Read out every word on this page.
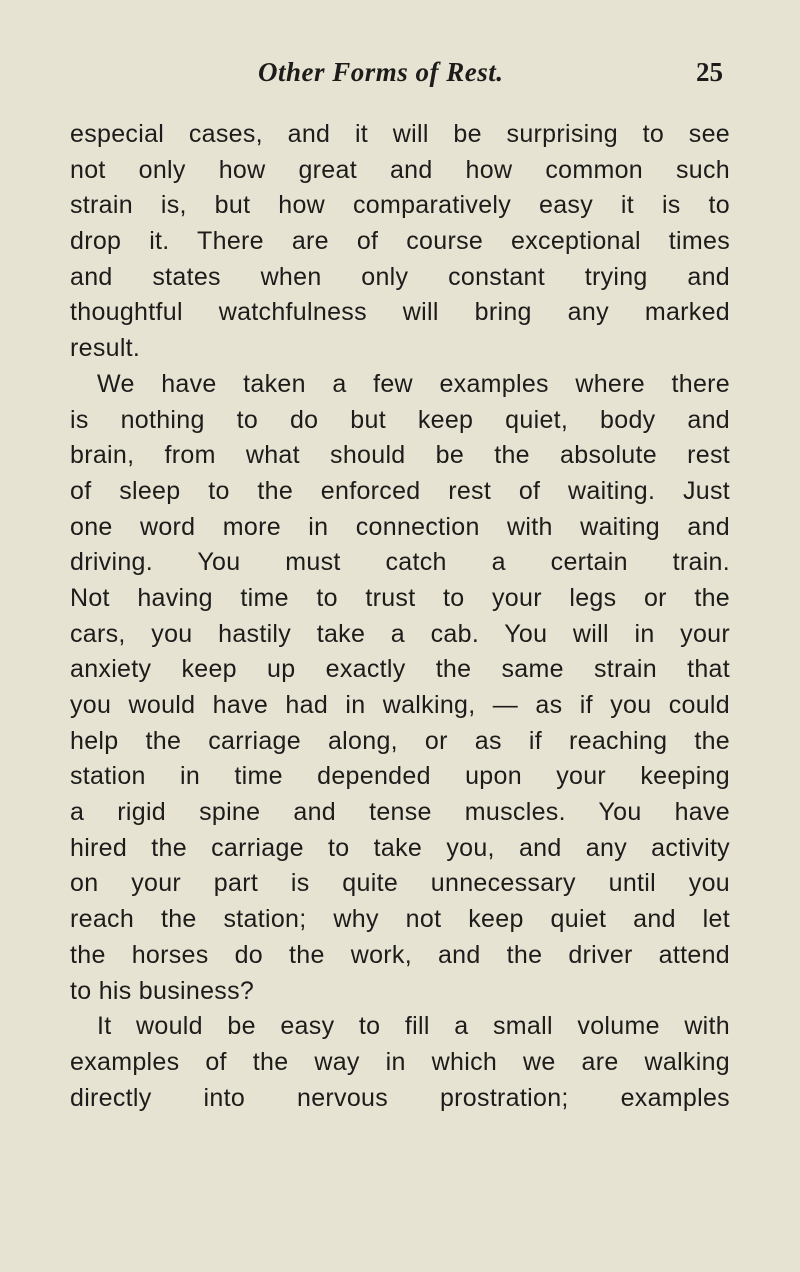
Other Forms of Rest.	25
especial cases, and it will be surprising to see
not only how great and how common such
strain is, but how comparatively easy it is to
drop it. There are of course exceptional times
and states when only constant trying and
thoughtful watchfulness will bring any marked
result.
We have taken a few examples where there
is nothing to do but keep quiet, body and
brain, from what should be the absolute rest
of sleep to the enforced rest of waiting. Just
one word more in connection with waiting and
driving. You must catch a certain train.
Not having time to trust to your legs or the
cars, you hastily take a cab. You will in your
anxiety keep up exactly the same strain that
you would have had in walking, — as if you could
help the carriage along, or as if reaching the
station in time depended upon your keeping
a rigid spine and tense muscles. You have
hired the carriage to take you, and any activity
on your part is quite unnecessary until you
reach the station; why not keep quiet and let
the horses do the work, and the driver attend
to his business?
It would be easy to fill a small volume with
examples of the way in which we are walking
directly into nervous prostration; examples
